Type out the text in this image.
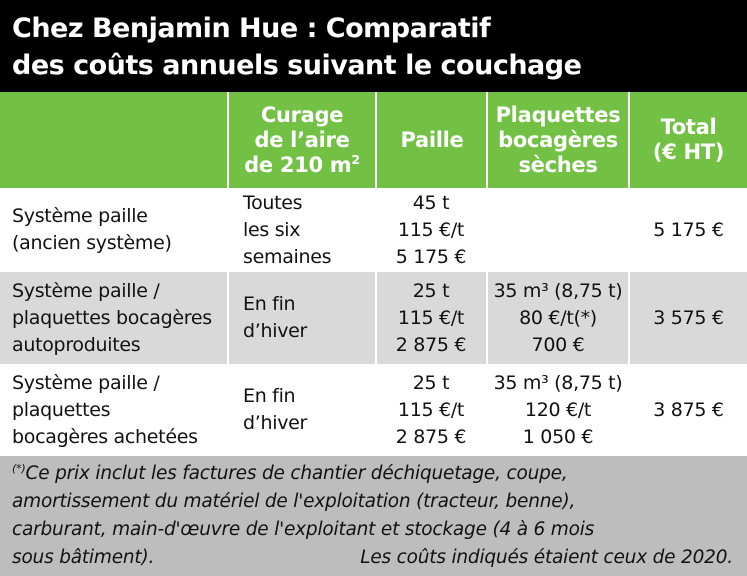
Chez Benjamin Hue : Comparatif
des coûts annuels suivant le couchage
Curage
de l’aire
de 210 $m^2$
Paille
Plaquettes
bocagères
sèches
Total
(€ HT)
Système paille
(ancien système)
Toutes
les six
semaines
45 t
115 €/t
5 175 €
5 175 €
Système paille /
plaquettes bocagères
autoproduites
En fin
d’hiver
25 t
115 €/t
2 875 €
35 m³ (8,75 t)
80 €/t(*)
700 €
3 575 €
Système paille /
plaquettes
bocagères achetées
En fin
d’hiver
25 t
115 €/t
2 875 €
35 m³ (8,75 t)
120 €/t
1 050 €
3 875 €
(*)Ce prix inclut les factures de chantier déchiquetage, coupe,
amortissement du matériel de l'exploitation (tracteur, benne),
carburant, main-d'œuvre de l'exploitant et stockage (4 à 6 mois
sous bâtiment).	Les coûts indiqués étaient ceux de 2020.
